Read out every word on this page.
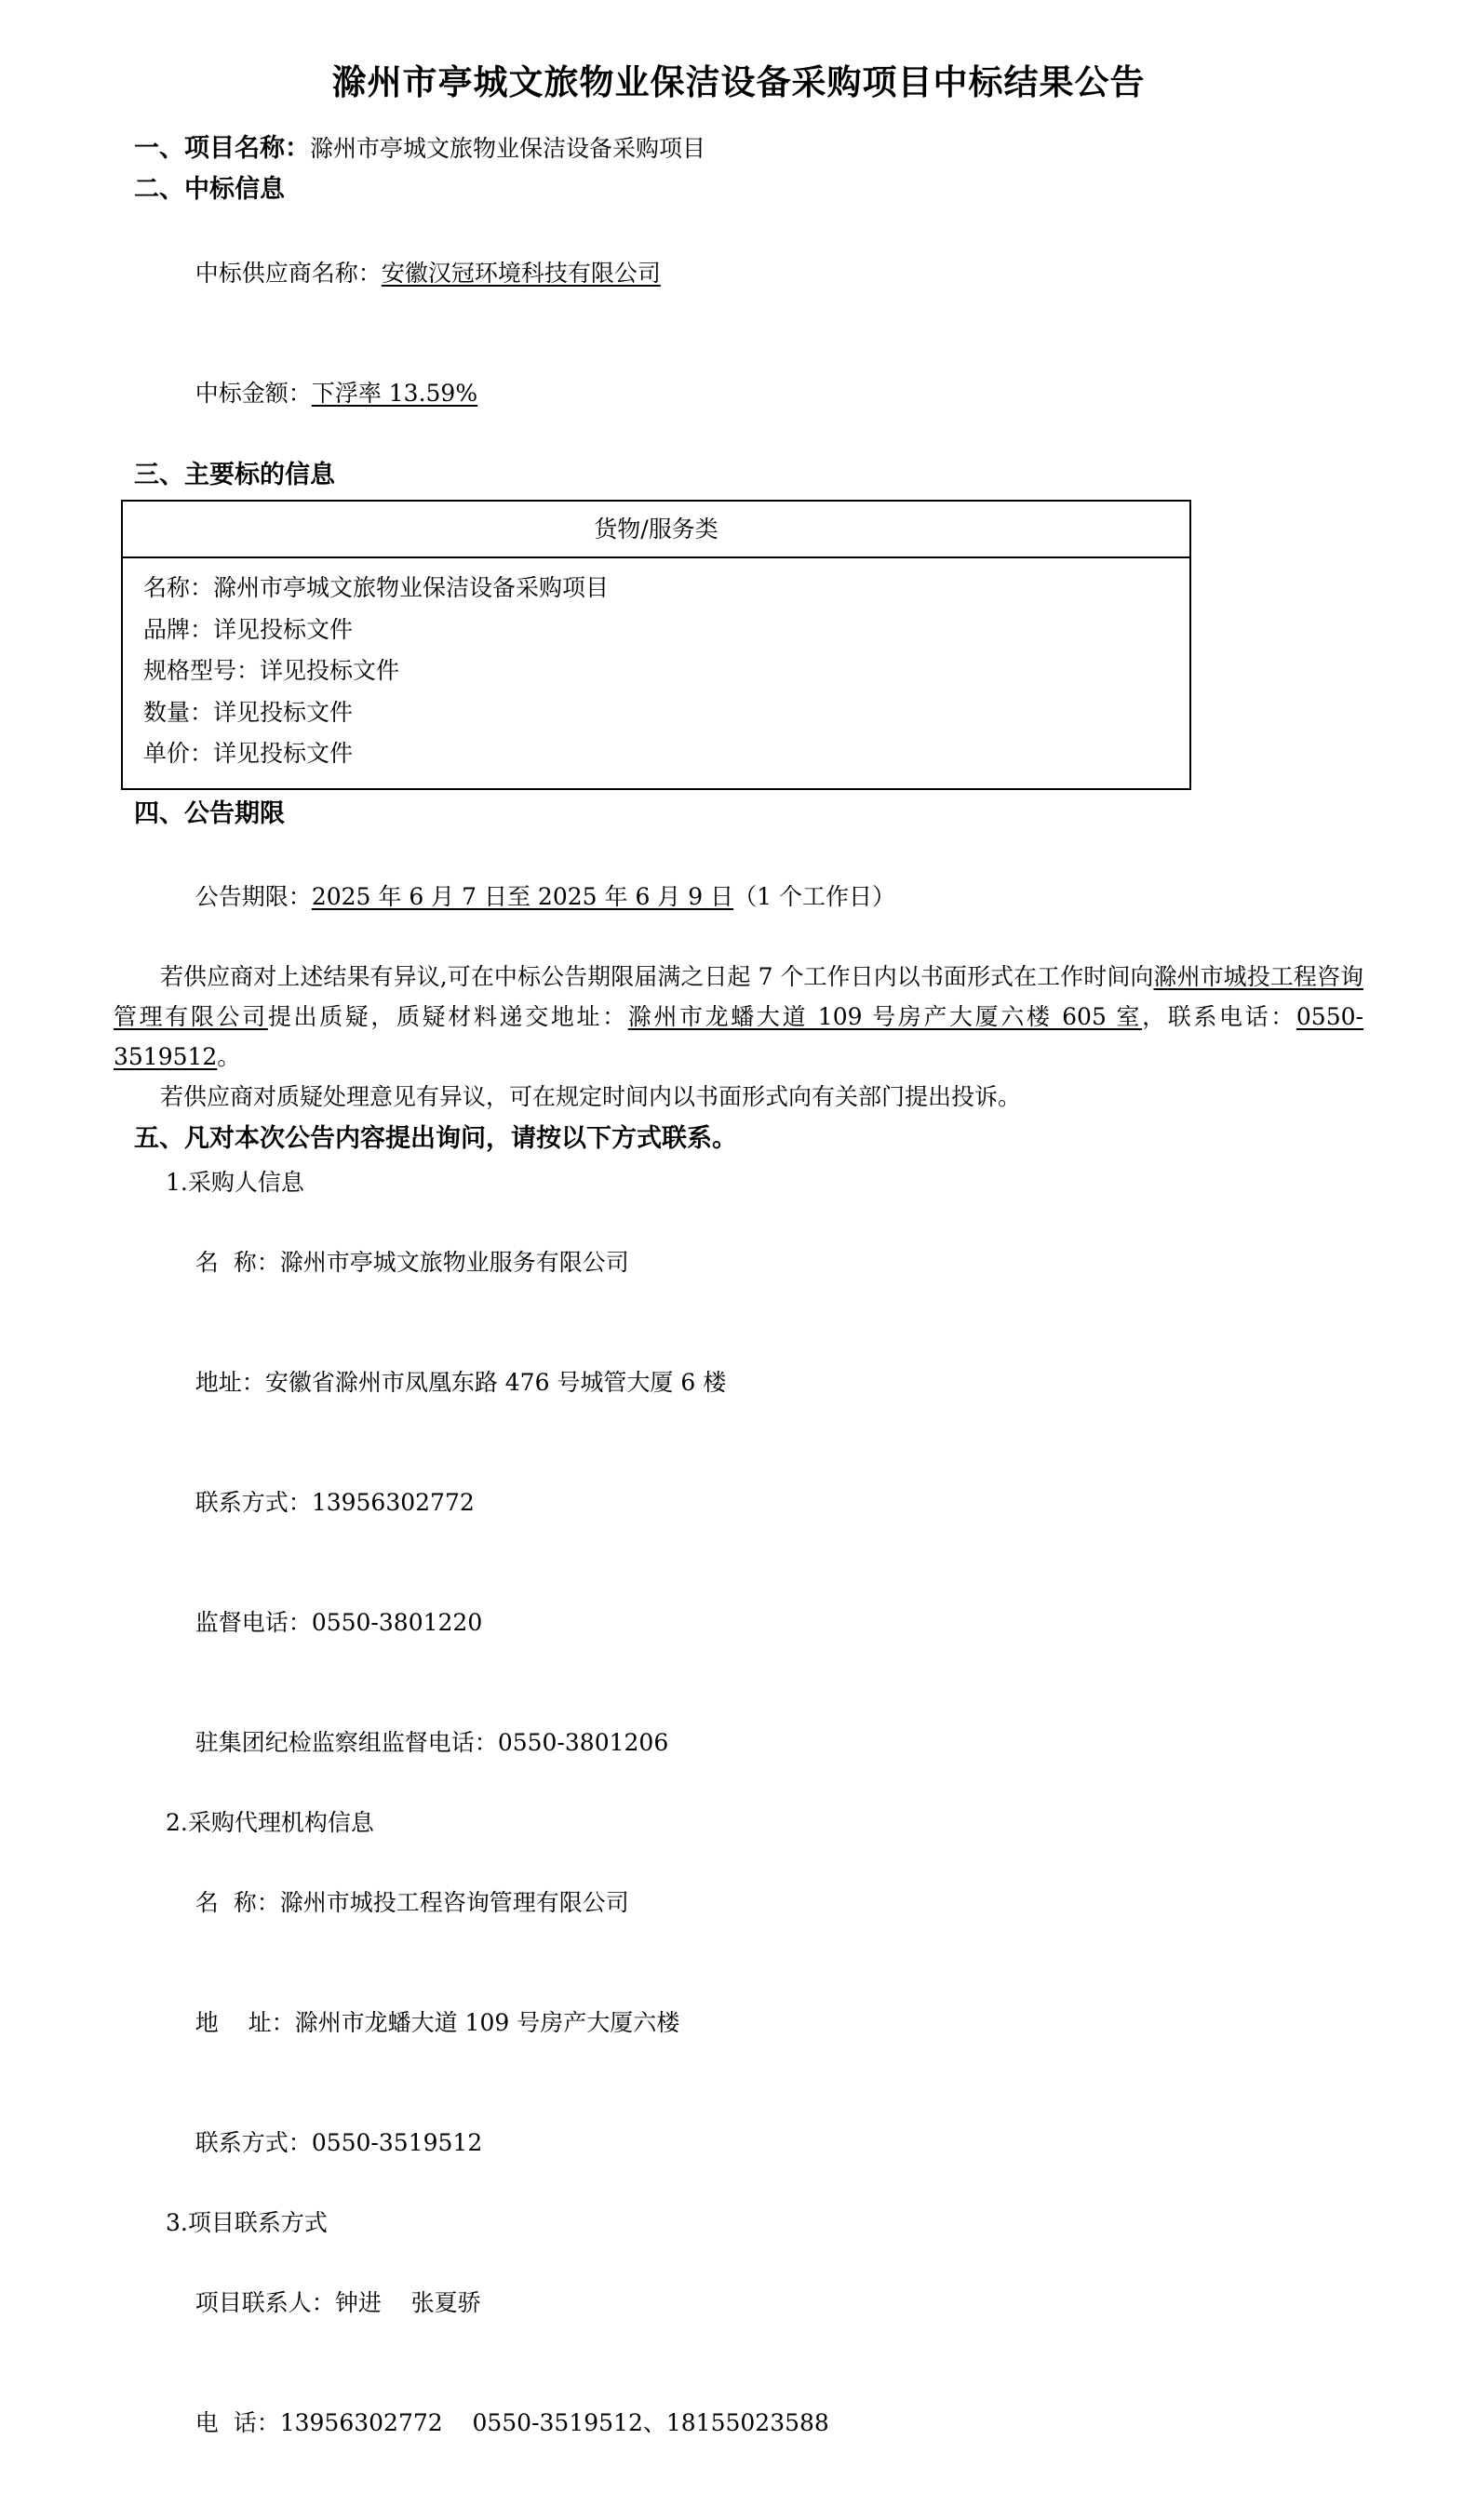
滁州市亭城文旅物业保洁设备采购项目中标结果公告
一、项目名称：滁州市亭城文旅物业保洁设备采购项目
二、中标信息

中标供应商名称：安徽汉冠环境科技有限公司

中标金额：下浮率 13.59%

三、主要标的信息
货物/服务类

名称：滁州市亭城文旅物业保洁设备采购项目
品牌：详见投标文件
规格型号：详见投标文件
数量：详见投标文件
单价：详见投标文件
四、公告期限

公告期限：2025 年 6 月 7 日至 2025 年 6 月 9 日（1 个工作日）

若供应商对上述结果有异议,可在中标公告期限届满之日起 7 个工作日内以书面形式在工作时间向滁州市城投工程咨询管理有限公司提出质疑，质疑材料递交地址：滁州市龙蟠大道 109 号房产大厦六楼 605 室，联系电话：0550-3519512。
若供应商对质疑处理意见有异议，可在规定时间内以书面形式向有关部门提出投诉。
五、凡对本次公告内容提出询问，请按以下方式联系。
1.采购人信息

名  称：滁州市亭城文旅物业服务有限公司

地址：安徽省滁州市凤凰东路 476 号城管大厦 6 楼

联系方式：13956302772

监督电话：0550-3801220

驻集团纪检监察组监督电话：0550-3801206

2.采购代理机构信息

名  称：滁州市城投工程咨询管理有限公司

地    址：滁州市龙蟠大道 109 号房产大厦六楼

联系方式：0550-3519512

3.项目联系方式

项目联系人：钟进    张夏骄

电  话：13956302772    0550-3519512、18155023588
